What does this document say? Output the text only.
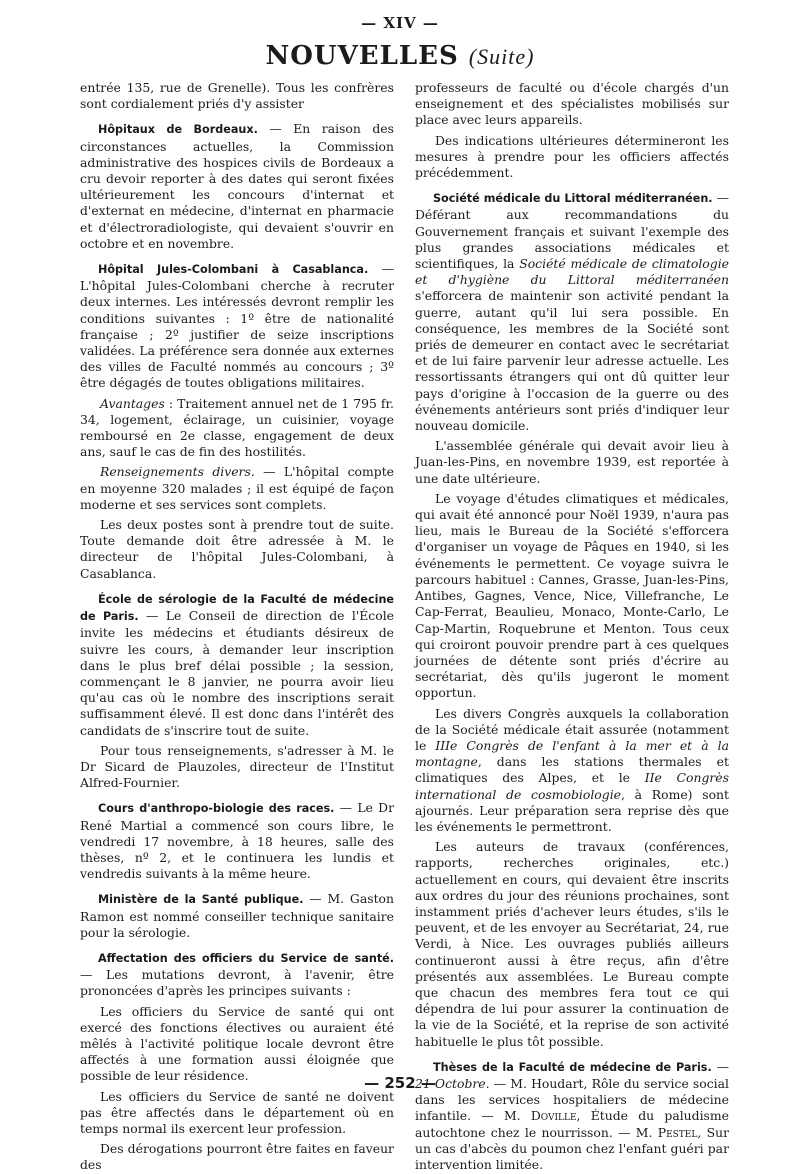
— XIV —
NOUVELLES (Suite)

entrée 135, rue de Grenelle). Tous les confrères sont cordialement priés d'y assister

Hôpitaux de Bordeaux. — En raison des circonstances actuelles, la Commission administrative des hospices civils de Bordeaux a cru devoir reporter à des dates qui seront fixées ultérieurement les concours d'internat et d'externat en médecine, d'internat en pharmacie et d'électroradiologiste, qui devaient s'ouvrir en octobre et en novembre.

Hôpital Jules-Colombani à Casablanca. — L'hôpital Jules-Colombani cherche à recruter deux internes. Les intéressés devront remplir les conditions suivantes : 1º être de nationalité française ; 2º justifier de seize inscriptions validées. La préférence sera donnée aux externes des villes de Faculté nommés au concours ; 3º être dégagés de toutes obligations militaires.

Avantages : Traitement annuel net de 1 795 fr. 34, logement, éclairage, un cuisinier, voyage remboursé en 2e classe, engagement de deux ans, sauf le cas de fin des hostilités.

Renseignements divers. — L'hôpital compte en moyenne 320 malades ; il est équipé de façon moderne et ses services sont complets.

Les deux postes sont à prendre tout de suite. Toute demande doit être adressée à M. le directeur de l'hôpital Jules-Colombani, à Casablanca.

École de sérologie de la Faculté de médecine de Paris. — Le Conseil de direction de l'École invite les médecins et étudiants désireux de suivre les cours, à demander leur inscription dans le plus bref délai possible ; la session, commençant le 8 janvier, ne pourra avoir lieu qu'au cas où le nombre des inscriptions serait suffisamment élevé. Il est donc dans l'intérêt des candidats de s'inscrire tout de suite.

Pour tous renseignements, s'adresser à M. le Dr Sicard de Plauzoles, directeur de l'Institut Alfred-Fournier.

Cours d'anthropo-biologie des races. — Le Dr René Martial a commencé son cours libre, le vendredi 17 novembre, à 18 heures, salle des thèses, nº 2, et le continuera les lundis et vendredis suivants à la même heure.

Ministère de la Santé publique. — M. Gaston Ramon est nommé conseiller technique sanitaire pour la sérologie.

Affectation des officiers du Service de santé. — Les mutations devront, à l'avenir, être prononcées d'après les principes suivants :

Les officiers du Service de santé qui ont exercé des fonctions électives ou auraient été mêlés à l'activité politique locale devront être affectés à une formation aussi éloignée que possible de leur résidence.

Les officiers du Service de santé ne doivent pas être affectés dans le département où en temps normal ils exercent leur profession.

Des dérogations pourront être faites en faveur des

professeurs de faculté ou d'école chargés d'un enseignement et des spécialistes mobilisés sur place avec leurs appareils.

Des indications ultérieures détermineront les mesures à prendre pour les officiers affectés précédemment.

Société médicale du Littoral méditerranéen. — Déférant aux recommandations du Gouvernement français et suivant l'exemple des plus grandes associations médicales et scientifiques, la Société médicale de climatologie et d'hygiène du Littoral méditerranéen s'efforcera de maintenir son activité pendant la guerre, autant qu'il lui sera possible. En conséquence, les membres de la Société sont priés de demeurer en contact avec le secrétariat et de lui faire parvenir leur adresse actuelle. Les ressortissants étrangers qui ont dû quitter leur pays d'origine à l'occasion de la guerre ou des événements antérieurs sont priés d'indiquer leur nouveau domicile.

L'assemblée générale qui devait avoir lieu à Juan-les-Pins, en novembre 1939, est reportée à une date ultérieure.

Le voyage d'études climatiques et médicales, qui avait été annoncé pour Noël 1939, n'aura pas lieu, mais le Bureau de la Société s'efforcera d'organiser un voyage de Pâques en 1940, si les événements le permettent. Ce voyage suivra le parcours habituel : Cannes, Grasse, Juan-les-Pins, Antibes, Gagnes, Vence, Nice, Villefranche, Le Cap-Ferrat, Beaulieu, Monaco, Monte-Carlo, Le Cap-Martin, Roquebrune et Menton. Tous ceux qui croiront pouvoir prendre part à ces quelques journées de détente sont priés d'écrire au secrétariat, dès qu'ils jugeront le moment opportun.

Les divers Congrès auxquels la collaboration de la Société médicale était assurée (notamment le IIIe Congrès de l'enfant à la mer et à la montagne, dans les stations thermales et climatiques des Alpes, et le IIe Congrès international de cosmobiologie, à Rome) sont ajournés. Leur préparation sera reprise dès que les événements le permettront.

Les auteurs de travaux (conférences, rapports, recherches originales, etc.) actuellement en cours, qui devaient être inscrits aux ordres du jour des réunions prochaines, sont instamment priés d'achever leurs études, s'ils le peuvent, et de les envoyer au Secrétariat, 24, rue Verdi, à Nice. Les ouvrages publiés ailleurs continueront aussi à être reçus, afin d'être présentés aux assemblées. Le Bureau compte que chacun des membres fera tout ce qui dépendra de lui pour assurer la continuation de la vie de la Société, et la reprise de son activité habituelle le plus tôt possible.

Thèses de la Faculté de médecine de Paris. — 21 Octobre. — M. Houdart, Rôle du service social dans les services hospitaliers de médecine infantile. — M. Doville, Étude du paludisme autochtone chez le nourrisson. — M. Pestel, Sur un cas d'abcès du poumon chez l'enfant guéri par intervention limitée.

— 252 —
